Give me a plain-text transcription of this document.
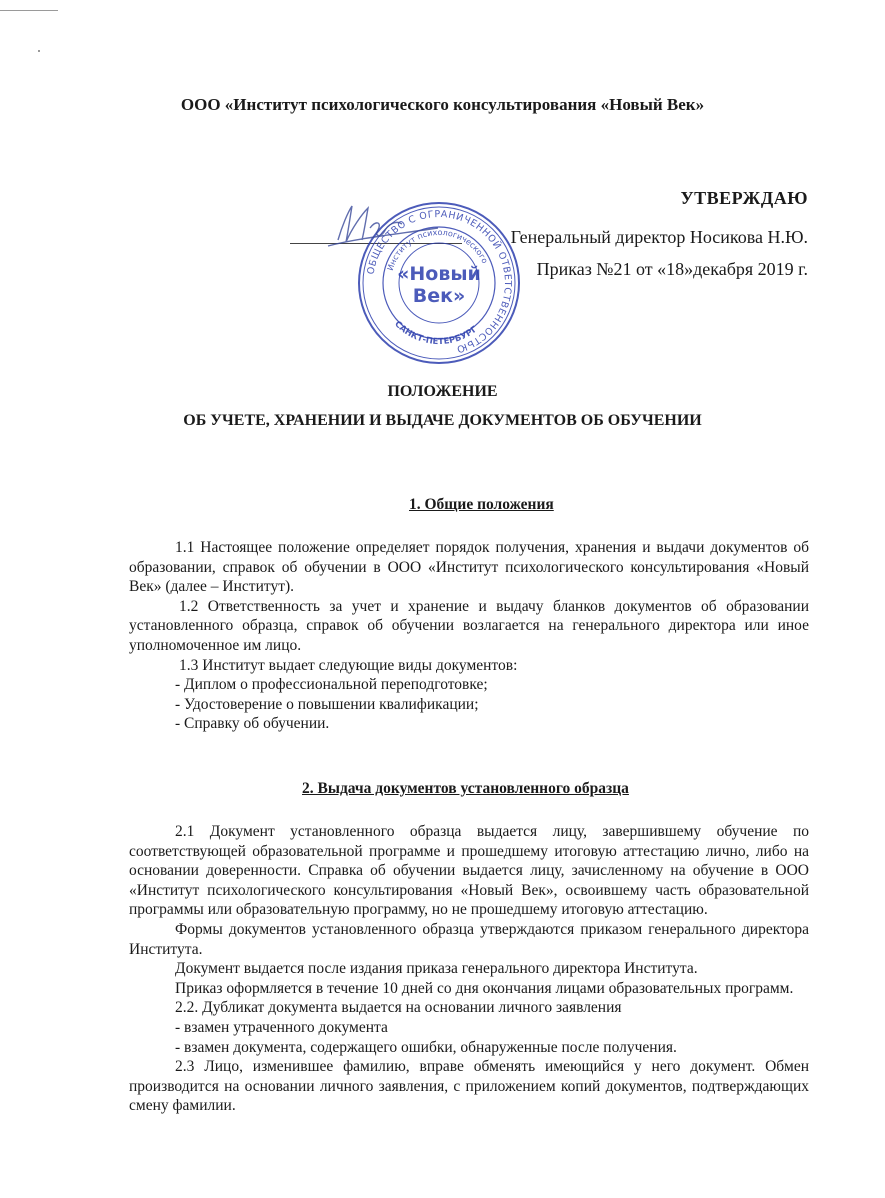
ООО «Институт психологического консультирования «Новый Век»
УТВЕРЖДАЮ
Генеральный директор Носикова Н.Ю.
Приказ №21 от «18»декабря 2019 г.
ОБЩЕСТВО С ОГРАНИЧЕННОЙ ОТВЕТСТВЕННОСТЬЮ
Институт психологического
САНКТ-ПЕТЕРБУРГ
«Новый
Век»
ПОЛОЖЕНИЕ
ОБ УЧЕТЕ, ХРАНЕНИИ И ВЫДАЧЕ ДОКУМЕНТОВ ОБ ОБУЧЕНИИ
1. Общие положения

1.1 Настоящее положение определяет порядок получения, хранения и выдачи документов об образовании, справок об обучении в ООО «Институт психологического консультирования «Новый Век» (далее – Институт).

1.2 Ответственность за учет и хранение и выдачу бланков документов об образовании установленного образца, справок об обучении возлагается на генерального директора или иное уполномоченное им лицо.

1.3 Институт выдает следующие виды документов:

- Диплом о профессиональной переподготовке;

- Удостоверение о повышении квалификации;

- Справку об обучении.

2. Выдача документов установленного образца

2.1 Документ установленного образца выдается лицу, завершившему обучение по соответствующей образовательной программе и прошедшему итоговую аттестацию лично, либо на основании доверенности. Справка об обучении выдается лицу, зачисленному на обучение в ООО «Институт психологического консультирования «Новый Век», освоившему часть образовательной программы или образовательную программу, но не прошедшему итоговую аттестацию.

Формы документов установленного образца утверждаются приказом генерального директора Института.

Документ выдается после издания приказа генерального директора Института.

Приказ оформляется в течение 10 дней со дня окончания лицами образовательных программ.

2.2. Дубликат документа выдается на основании личного заявления

- взамен утраченного документа

- взамен документа, содержащего ошибки, обнаруженные после получения.

2.3 Лицо, изменившее фамилию, вправе обменять имеющийся у него документ. Обмен производится на основании личного заявления, с приложением копий документов, подтверждающих смену фамилии.
